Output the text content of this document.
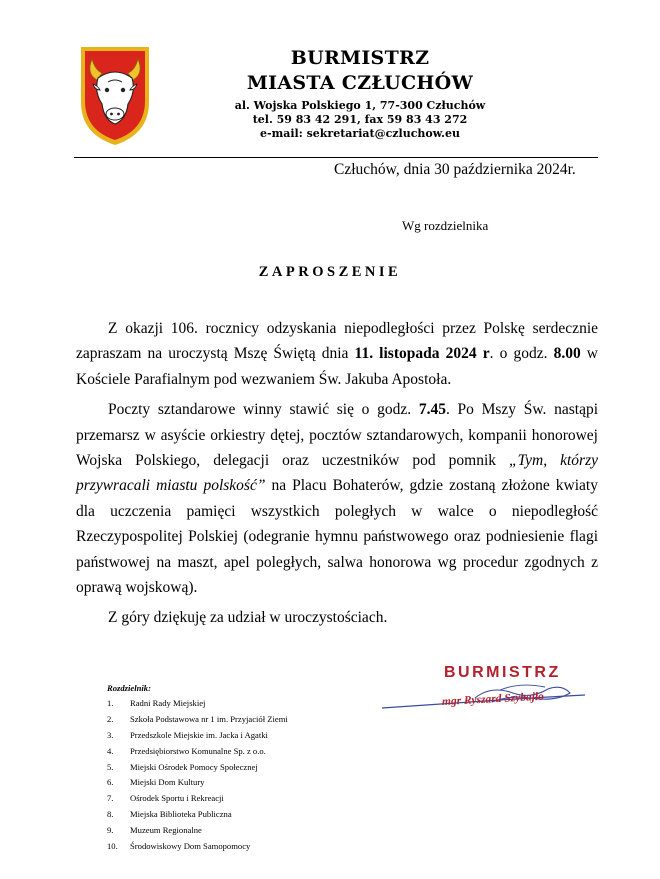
BURMISTRZ
MIASTA CZŁUCHÓW
al. Wojska Polskiego 1, 77-300 Człuchów
tel. 59 83 42 291, fax 59 83 43 272
e-mail: sekretariat@czluchow.eu
Człuchów, dnia 30 października 2024r.
Wg rozdzielnika
ZAPROSZENIE

Z okazji 106. rocznicy odzyskania niepodległości przez Polskę serdecznie zapraszam na uroczystą Mszę Świętą dnia 11. listopada 2024 r. o godz. 8.00 w Kościele Parafialnym pod wezwaniem Św. Jakuba Apostoła.

Poczty sztandarowe winny stawić się o godz. 7.45. Po Mszy Św. nastąpi przemarsz w asyście orkiestry dętej, pocztów sztandarowych, kompanii honorowej Wojska Polskiego, delegacji oraz uczestników pod pomnik „Tym, którzy przywracali miastu polskość” na Placu Bohaterów, gdzie zostaną złożone kwiaty dla uczczenia pamięci wszystkich poległych w walce o niepodległość Rzeczypospolitej Polskiej (odegranie hymnu państwowego oraz podniesienie flagi państwowej na maszt, apel poległych, salwa honorowa wg procedur zgodnych z oprawą wojskową).

Z góry dziękuję za udział w uroczystościach.

Rozdzielnik:
1.	Radni Rady Miejskiej
2.	Szkoła Podstawowa nr 1 im. Przyjaciół Ziemi
3.	Przedszkole Miejskie im. Jacka i Agatki
4.	Przedsiębiorstwo Komunalne Sp. z o.o.
5.	Miejski Ośrodek Pomocy Społecznej
6.	Miejski Dom Kultury
7.	Ośrodek Sportu i Rekreacji
8.	Miejska Biblioteka Publiczna
9.	Muzeum Regionalne
10.	Środowiskowy Dom Samopomocy
BURMISTRZ
mgr Ryszard Szybajło
